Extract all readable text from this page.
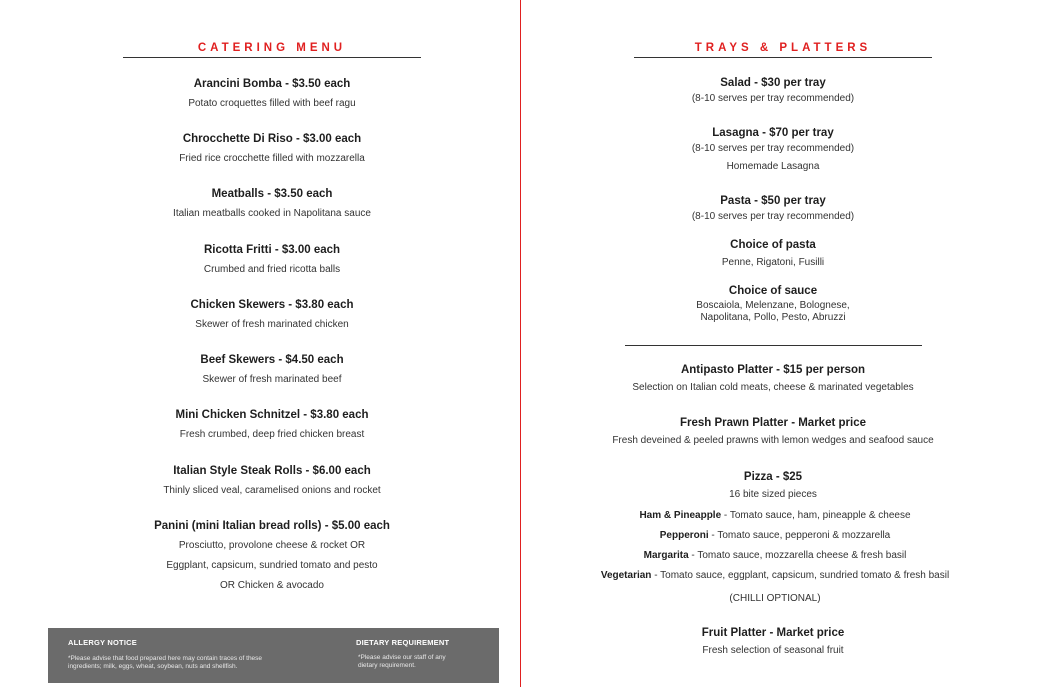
CATERING MENU
Arancini Bomba - $3.50 each
Potato croquettes filled with beef ragu
Chrocchette Di Riso - $3.00 each
Fried rice crocchette filled with mozzarella
Meatballs - $3.50 each
Italian meatballs cooked in Napolitana sauce
Ricotta Fritti - $3.00 each
Crumbed and fried ricotta balls
Chicken Skewers - $3.80 each
Skewer of fresh marinated chicken
Beef Skewers - $4.50 each
Skewer of fresh marinated beef
Mini Chicken Schnitzel - $3.80 each
Fresh crumbed, deep fried chicken breast
Italian Style Steak Rolls - $6.00 each
Thinly sliced veal, caramelised onions and rocket
Panini (mini Italian bread rolls) - $5.00 each
Prosciutto, provolone cheese & rocket OR
Eggplant, capsicum, sundried tomato and pesto
OR Chicken & avocado
ALLERGY NOTICE
*Please advise that food prepared here may contain traces of these
ingredients; milk, eggs, wheat, soybean, nuts and shellfish.
DIETARY REQUIREMENT
*Please advise our staff of any
dietary requirement.
TRAYS & PLATTERS
Salad - $30 per tray
(8-10 serves per tray recommended)
Lasagna - $70 per tray
(8-10 serves per tray recommended)
Homemade Lasagna
Pasta - $50 per tray
(8-10 serves per tray recommended)
Choice of pasta
Penne, Rigatoni, Fusilli
Choice of sauce
Boscaiola, Melenzane, Bolognese,
Napolitana, Pollo, Pesto, Abruzzi
Antipasto Platter - $15 per person
Selection on Italian cold meats, cheese & marinated vegetables
Fresh Prawn Platter - Market price
Fresh deveined & peeled prawns with lemon wedges and seafood sauce
Pizza - $25
16 bite sized pieces
Ham & Pineapple - Tomato sauce, ham, pineapple & cheese
Pepperoni - Tomato sauce, pepperoni & mozzarella
Margarita - Tomato sauce, mozzarella cheese & fresh basil
Vegetarian - Tomato sauce, eggplant, capsicum, sundried tomato & fresh basil
(CHILLI OPTIONAL)
Fruit Platter - Market price
Fresh selection of seasonal fruit
